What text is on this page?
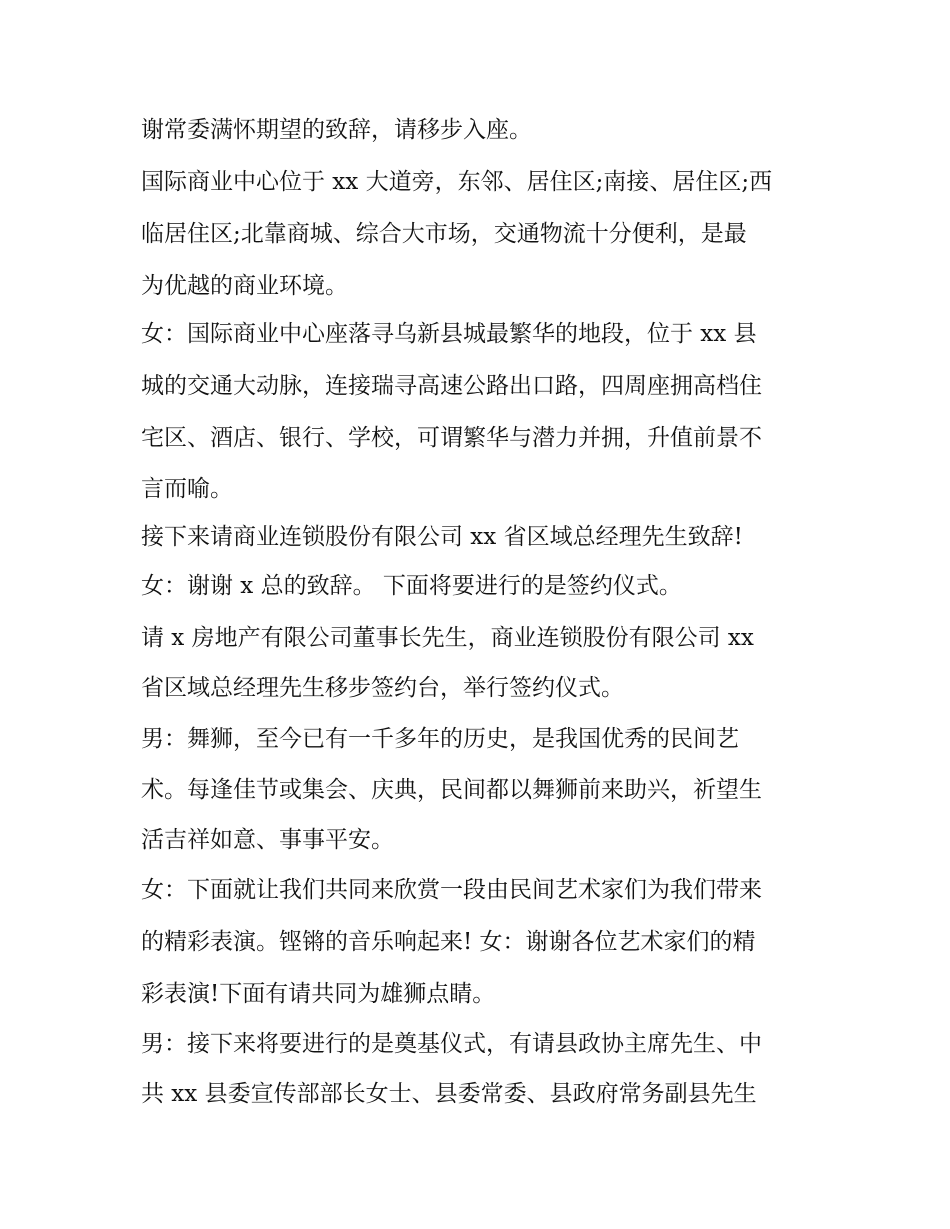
谢常委满怀期望的致辞，请移步入座。
国际商业中心位于 xx 大道旁，东邻、居住区;南接、居住区;西
临居住区;北靠商城、综合大市场，交通物流十分便利，是最
为优越的商业环境。
女：国际商业中心座落寻乌新县城最繁华的地段，位于 xx 县
城的交通大动脉，连接瑞寻高速公路出口路，四周座拥高档住
宅区、酒店、银行、学校，可谓繁华与潜力并拥，升值前景不
言而喻。
接下来请商业连锁股份有限公司 xx 省区域总经理先生致辞!
女：谢谢 x 总的致辞。 下面将要进行的是签约仪式。
请 x 房地产有限公司董事长先生，商业连锁股份有限公司 xx
省区域总经理先生移步签约台，举行签约仪式。
男：舞狮，至今已有一千多年的历史，是我国优秀的民间艺
术。每逢佳节或集会、庆典，民间都以舞狮前来助兴，祈望生
活吉祥如意、事事平安。
女：下面就让我们共同来欣赏一段由民间艺术家们为我们带来
的精彩表演。铿锵的音乐响起来! 女：谢谢各位艺术家们的精
彩表演!下面有请共同为雄狮点睛。
男：接下来将要进行的是奠基仪式，有请县政协主席先生、中
共 xx 县委宣传部部长女士、县委常委、县政府常务副县先生
